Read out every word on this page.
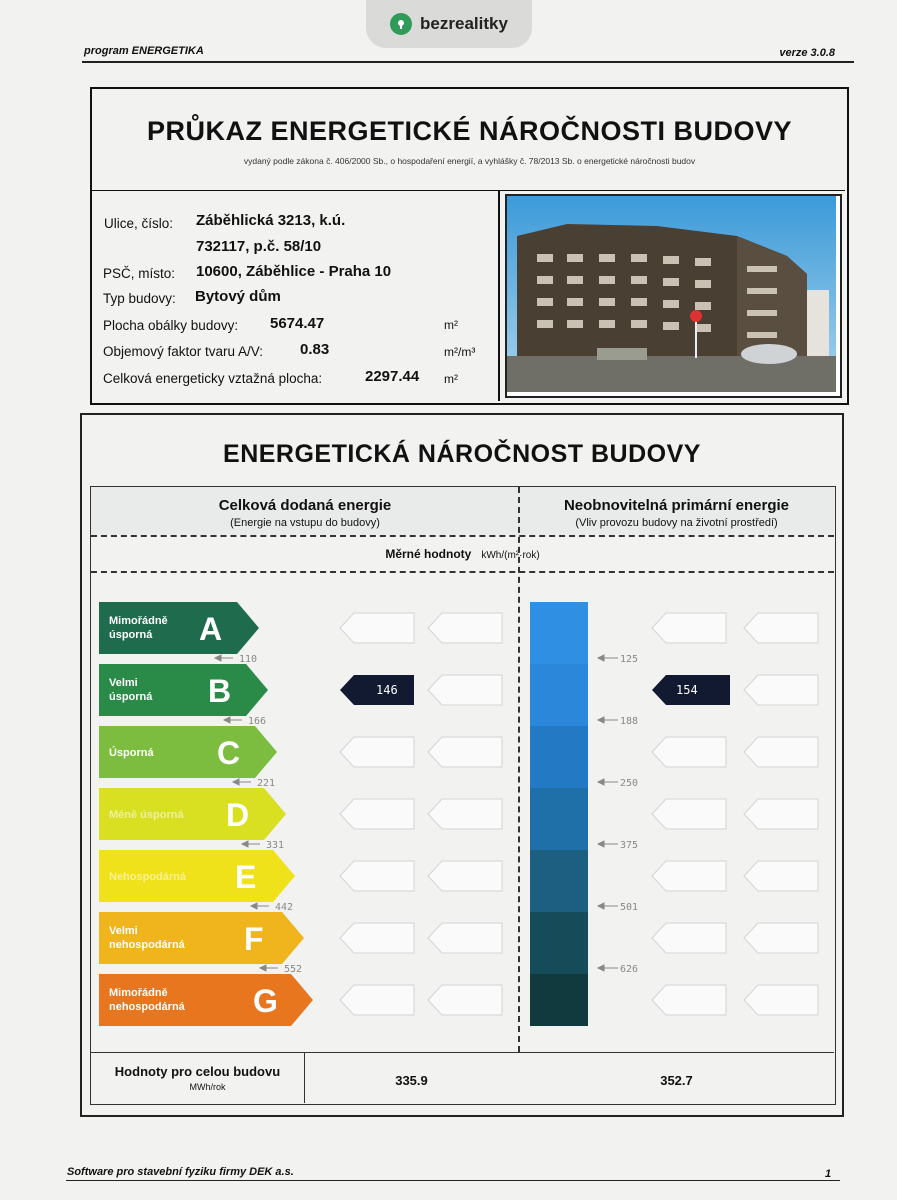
bezrealitky
program ENERGETIKA	verze 3.0.8
PRŮKAZ ENERGETICKÉ NÁROČNOSTI BUDOVY
vydaný podle zákona č. 406/2000 Sb., o hospodaření energií, a vyhlášky č. 78/2013 Sb. o energetické náročnosti budov
Ulice, číslo: Záběhlická 3213, k.ú.
732117, p.č. 58/10
PSČ, místo: 10600, Záběhlice - Praha 10
Typ budovy: Bytový dům
Plocha obálky budovy: 5674.47	m²
Objemový faktor tvaru A/V: 0.83	m²/m³
Celková energeticky vztažná plocha:	2297.44 m²
ENERGETICKÁ NÁROČNOST BUDOVY
Celková dodaná energie
(Energie na vstupu do budovy)
Neobnovitelná primární energie
(Vliv provozu budovy na životní prostředí)
Měrné hodnoty kWh/(m²·rok)
Mimořádně
úsporná A
110	125
Velmi
úsporná B
166
146
188
154
Úsporná C
221	250
Méně úsporná D
331	375
Nehospodárná E
442	501
Velmi
nehospodárná F
552	626
Mimořádně
nehospodárná G
Hodnoty pro celou budovu
MWh/rok	335.9	352.7
Software pro stavební fyziku firmy DEK a.s.	1
